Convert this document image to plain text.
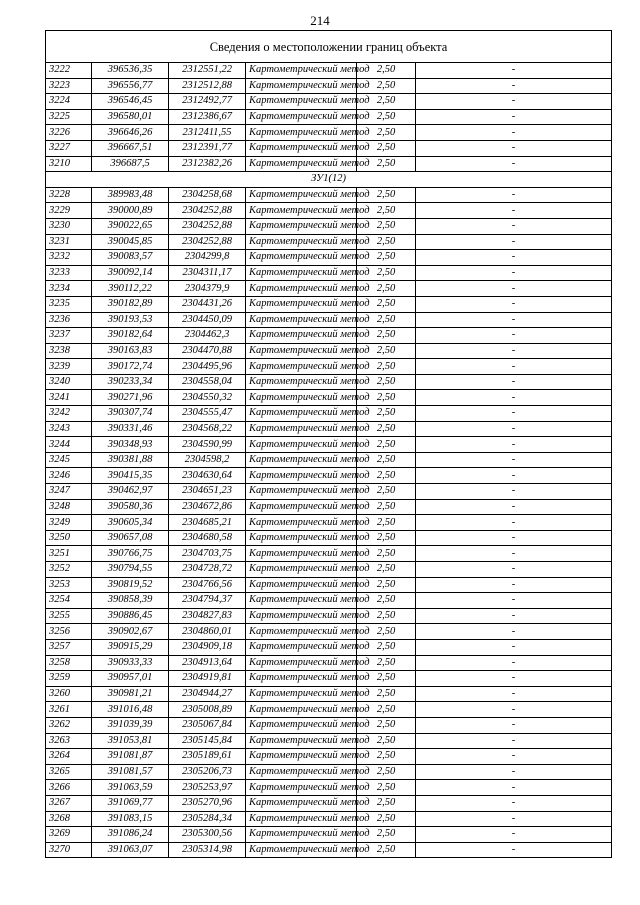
214
Сведения о местоположении границ объекта					
3222	396536,35	2312551,22	Картометрический метод	2,50	-
3223	396556,77	2312512,88	Картометрический метод	2,50	-
3224	396546,45	2312492,77	Картометрический метод	2,50	-
3225	396580,01	2312386,67	Картометрический метод	2,50	-
3226	396646,26	2312411,55	Картометрический метод	2,50	-
3227	396667,51	2312391,77	Картометрический метод	2,50	-
3210	396687,5	2312382,26	Картометрический метод	2,50	-
ЗУ1(12)					
3228	389983,48	2304258,68	Картометрический метод	2,50	-
3229	390000,89	2304252,88	Картометрический метод	2,50	-
3230	390022,65	2304252,88	Картометрический метод	2,50	-
3231	390045,85	2304252,88	Картометрический метод	2,50	-
3232	390083,57	2304299,8	Картометрический метод	2,50	-
3233	390092,14	2304311,17	Картометрический метод	2,50	-
3234	390112,22	2304379,9	Картометрический метод	2,50	-
3235	390182,89	2304431,26	Картометрический метод	2,50	-
3236	390193,53	2304450,09	Картометрический метод	2,50	-
3237	390182,64	2304462,3	Картометрический метод	2,50	-
3238	390163,83	2304470,88	Картометрический метод	2,50	-
3239	390172,74	2304495,96	Картометрический метод	2,50	-
3240	390233,34	2304558,04	Картометрический метод	2,50	-
3241	390271,96	2304550,32	Картометрический метод	2,50	-
3242	390307,74	2304555,47	Картометрический метод	2,50	-
3243	390331,46	2304568,22	Картометрический метод	2,50	-
3244	390348,93	2304590,99	Картометрический метод	2,50	-
3245	390381,88	2304598,2	Картометрический метод	2,50	-
3246	390415,35	2304630,64	Картометрический метод	2,50	-
3247	390462,97	2304651,23	Картометрический метод	2,50	-
3248	390580,36	2304672,86	Картометрический метод	2,50	-
3249	390605,34	2304685,21	Картометрический метод	2,50	-
3250	390657,08	2304680,58	Картометрический метод	2,50	-
3251	390766,75	2304703,75	Картометрический метод	2,50	-
3252	390794,55	2304728,72	Картометрический метод	2,50	-
3253	390819,52	2304766,56	Картометрический метод	2,50	-
3254	390858,39	2304794,37	Картометрический метод	2,50	-
3255	390886,45	2304827,83	Картометрический метод	2,50	-
3256	390902,67	2304860,01	Картометрический метод	2,50	-
3257	390915,29	2304909,18	Картометрический метод	2,50	-
3258	390933,33	2304913,64	Картометрический метод	2,50	-
3259	390957,01	2304919,81	Картометрический метод	2,50	-
3260	390981,21	2304944,27	Картометрический метод	2,50	-
3261	391016,48	2305008,89	Картометрический метод	2,50	-
3262	391039,39	2305067,84	Картометрический метод	2,50	-
3263	391053,81	2305145,84	Картометрический метод	2,50	-
3264	391081,87	2305189,61	Картометрический метод	2,50	-
3265	391081,57	2305206,73	Картометрический метод	2,50	-
3266	391063,59	2305253,97	Картометрический метод	2,50	-
3267	391069,77	2305270,96	Картометрический метод	2,50	-
3268	391083,15	2305284,34	Картометрический метод	2,50	-
3269	391086,24	2305300,56	Картометрический метод	2,50	-
3270	391063,07	2305314,98	Картометрический метод	2,50	-
